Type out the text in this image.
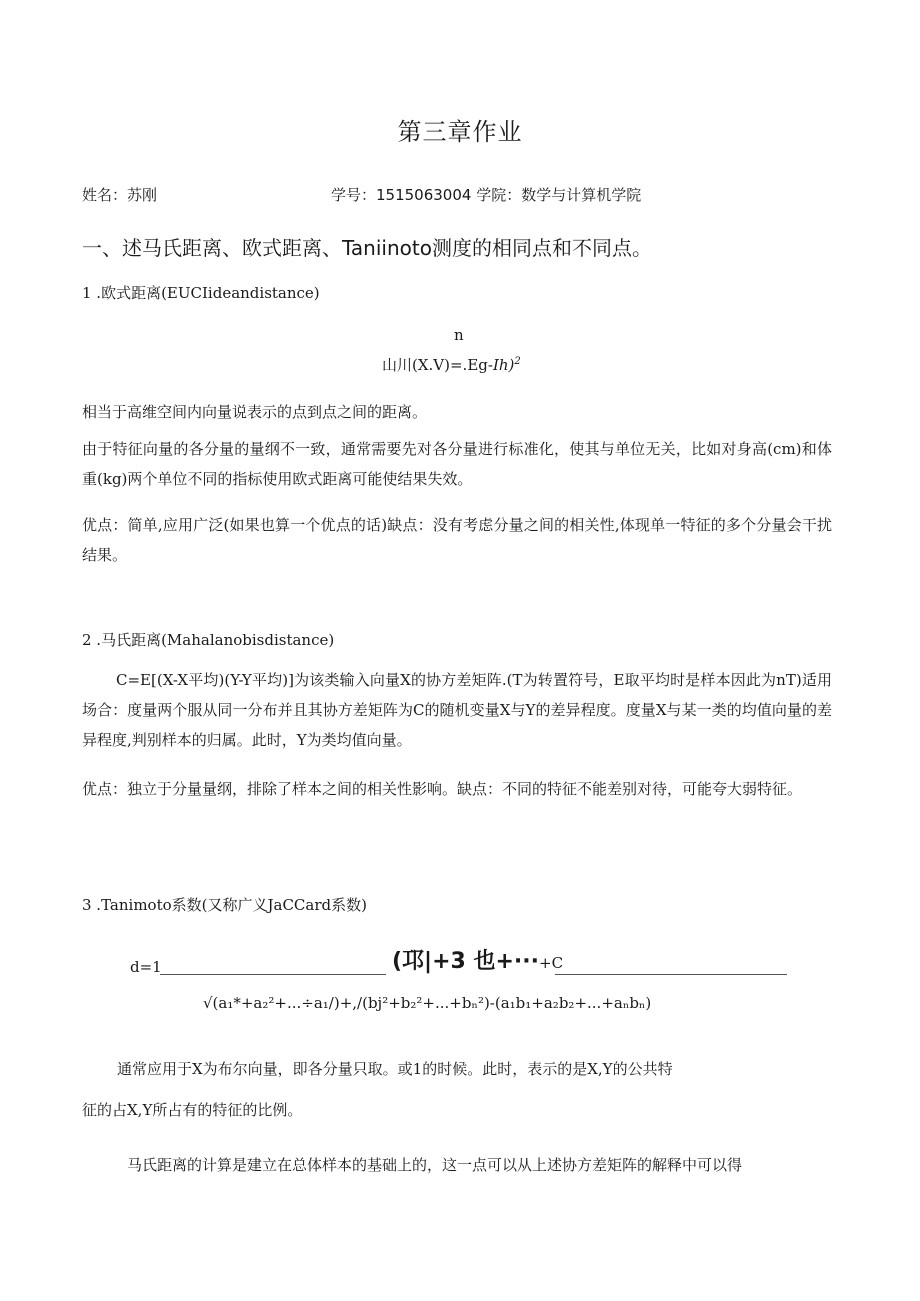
第三章作业
姓名：苏刚	学号：1515063004 学院：数学与计算机学院
一、述马氏距离、欧式距离、Taniinoto测度的相同点和不同点。
1 .欧式距离(EUCIideandistance)
n
山川(X.V)=.Eg-Ih)$^2$
相当于高维空间内向量说表示的点到点之间的距离。
由于特征向量的各分量的量纲不一致，通常需要先对各分量进行标准化，使其与单位无关，比如对身高(cm)和体重(kg)两个单位不同的指标使用欧式距离可能使结果失效。
优点：简单,应用广泛(如果也算一个优点的话)缺点：没有考虑分量之间的相关性,体现单一特征的多个分量会干扰结果。
2 .马氏距离(Mahalanobisdistance)
C=E[(X-X平均)(Y-Y平均)]为该类输入向量X的协方差矩阵.(T为转置符号，E取平均时是样本因此为nT)适用场合：度量两个服从同一分布并且其协方差矩阵为C的随机变量X与Y的差异程度。度量X与某一类的均值向量的差异程度,判别样本的归属。此时，Y为类均值向量。
优点：独立于分量量纲，排除了样本之间的相关性影响。缺点：不同的特征不能差别对待，可能夸大弱特征。
3 .Tanimoto系数(又称广义JaCCard系数)
d=1	(邛|+3 也+···+C
√(a₁*+a₂²+...÷a₁/)+,/(bj²+b₂²+...+bₙ²)-(a₁b₁+a₂b₂+...+aₙbₙ)
通常应用于X为布尔向量，即各分量只取。或1的时候。此时，表示的是X,Y的公共特
征的占X,Y所占有的特征的比例。
马氏距离的计算是建立在总体样本的基础上的，这一点可以从上述协方差矩阵的解释中可以得
